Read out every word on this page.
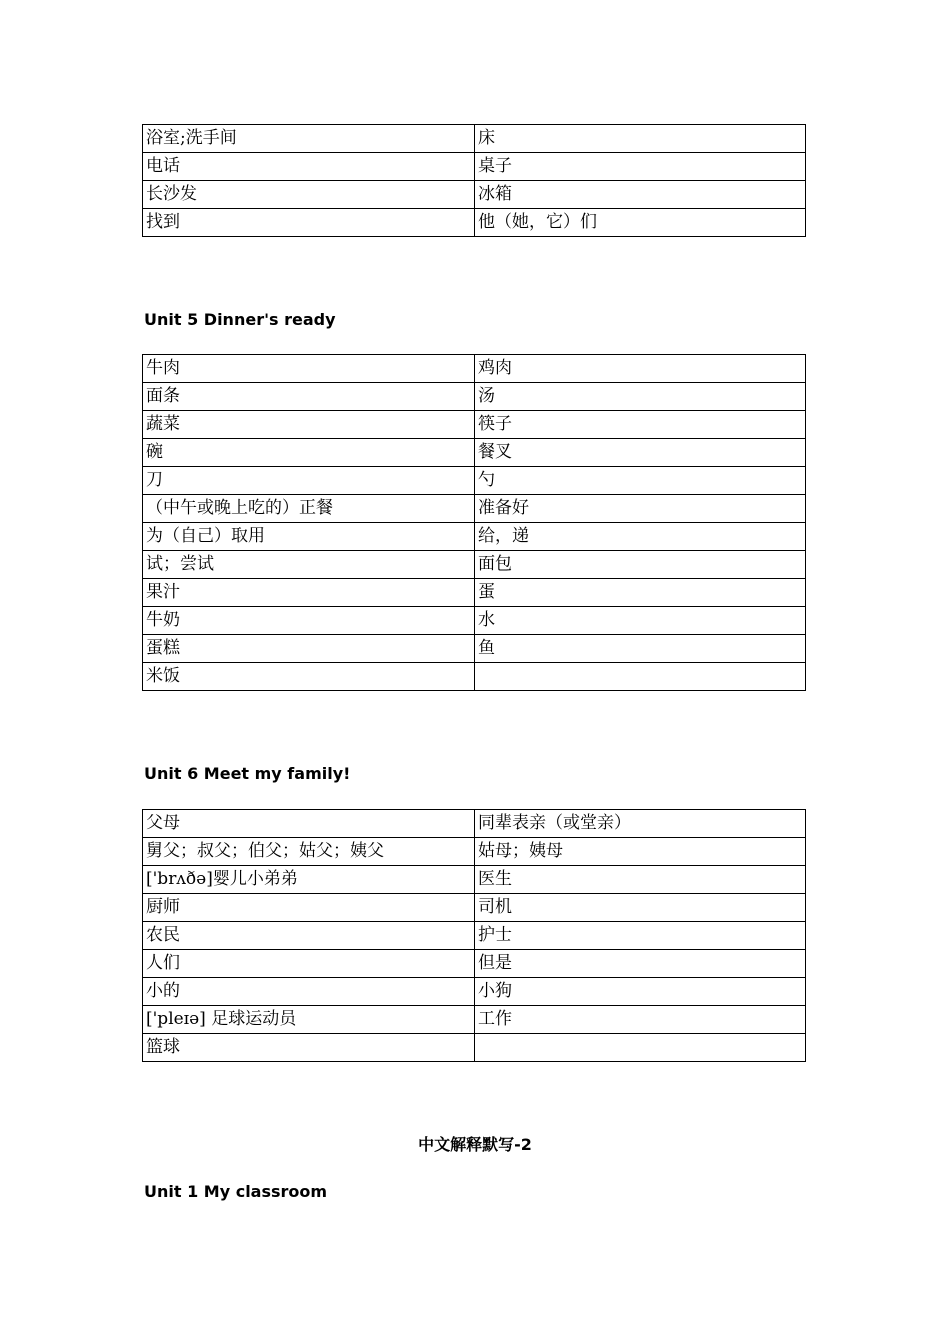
浴室;洗手间	床
电话	桌子
长沙发	冰箱
找到	他（她，它）们
Unit 5 Dinner's ready
牛肉	鸡肉
面条	汤
蔬菜	筷子
碗	餐叉
刀	勺
（中午或晚上吃的）正餐	准备好
为（自己）取用	给，递
试；尝试	面包
果汁	蛋
牛奶	水
蛋糕	鱼
米饭	
Unit 6 Meet my family!
父母	同辈表亲（或堂亲）
舅父；叔父；伯父；姑父；姨父	姑母；姨母
['brʌðə]婴儿小弟弟	医生
厨师	司机
农民	护士
人们	但是
小的	小狗
['pleɪə] 足球运动员	工作
篮球	
中文解释默写-2
Unit 1 My classroom
